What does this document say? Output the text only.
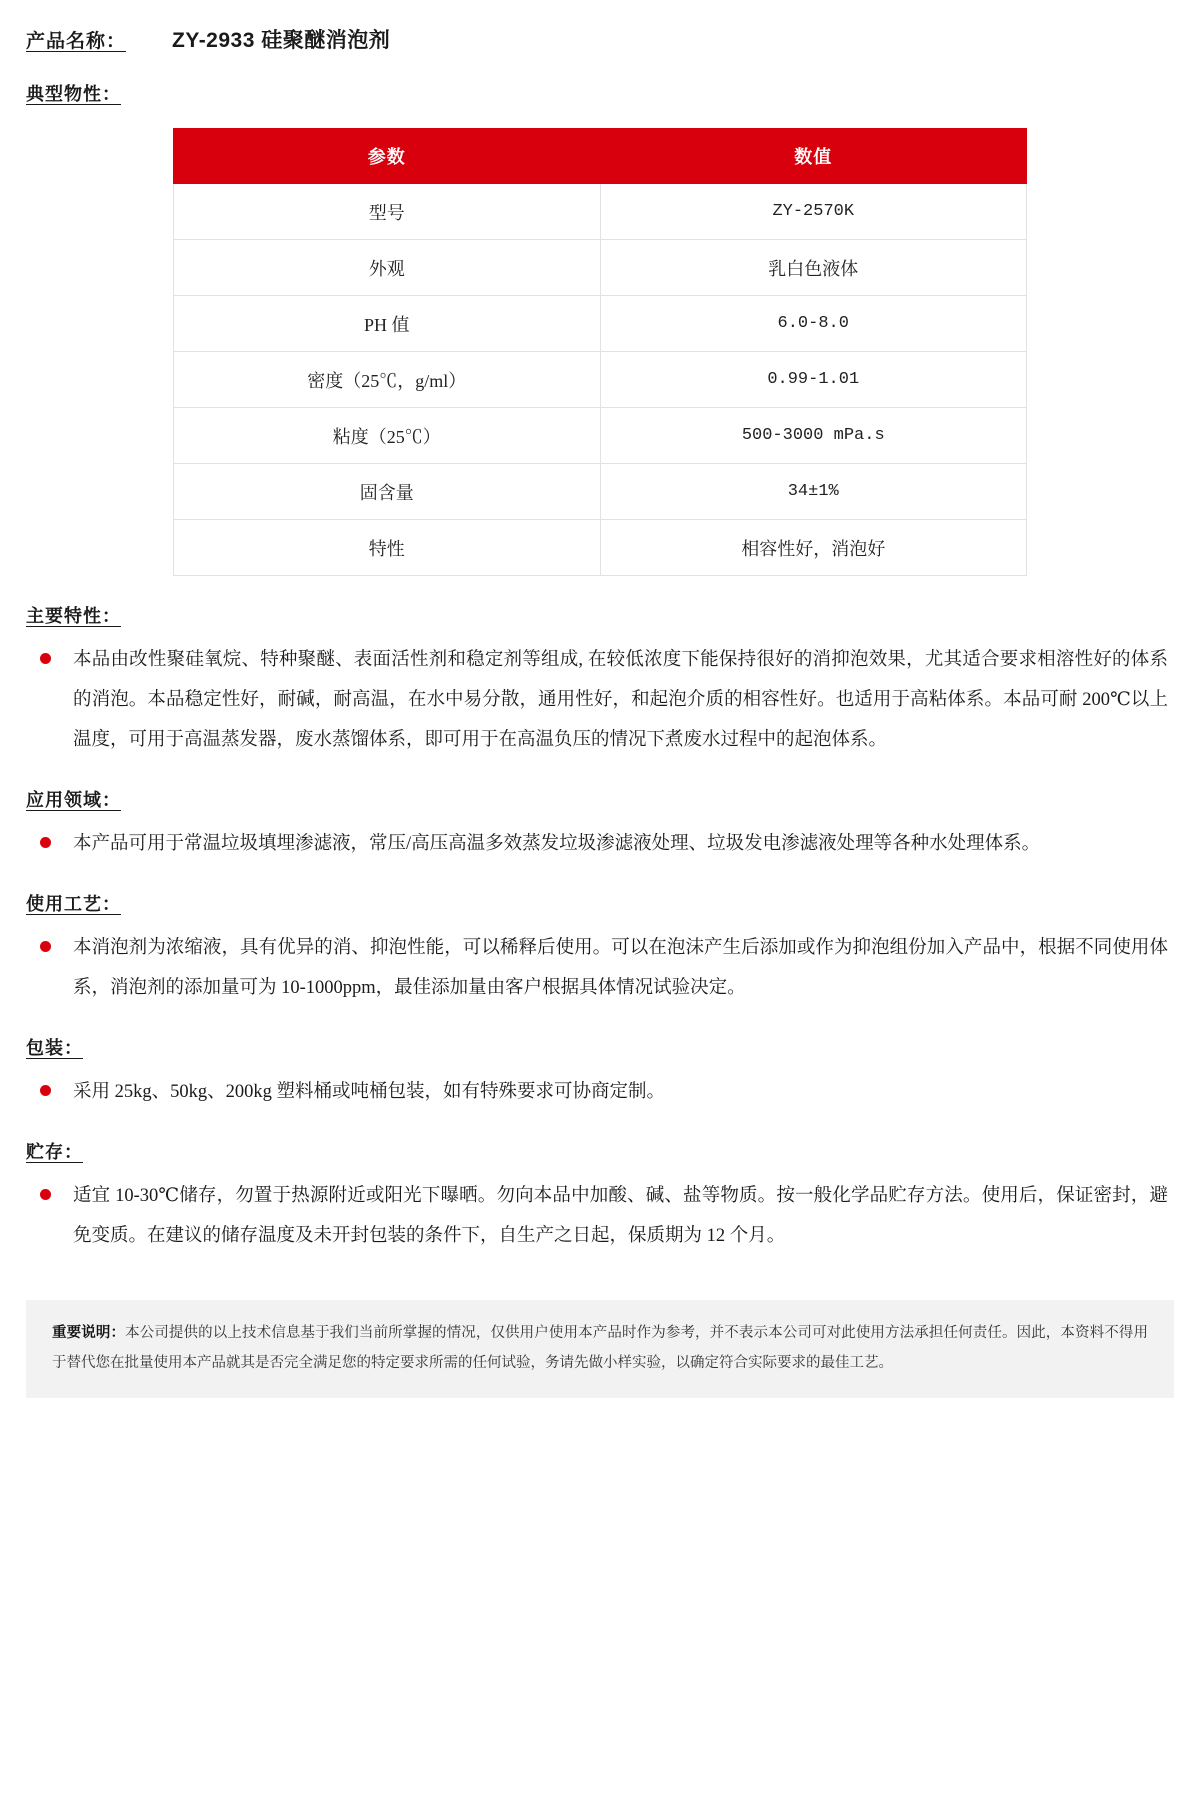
产品名称： ZY-2933 硅聚醚消泡剂
典型物性：
参数	数值
型号	ZY-2570K
外观	乳白色液体
PH 值	6.0-8.0
密度（25℃，g/ml）	0.99-1.01
粘度（25℃）	500-3000 mPa.s
固含量	34±1%
特性	相容性好，消泡好
主要特性：
本品由改性聚硅氧烷、特种聚醚、表面活性剂和稳定剂等组成, 在较低浓度下能保持很好的消抑泡效果，尤其适合要求相溶性好的体系的消泡。本品稳定性好，耐碱，耐高温，在水中易分散，通用性好，和起泡介质的相容性好。也适用于高粘体系。本品可耐 200℃以上温度，可用于高温蒸发器，废水蒸馏体系，即可用于在高温负压的情况下煮废水过程中的起泡体系。
应用领域：
本产品可用于常温垃圾填埋渗滤液，常压/高压高温多效蒸发垃圾渗滤液处理、垃圾发电渗滤液处理等各种水处理体系。
使用工艺：
本消泡剂为浓缩液，具有优异的消、抑泡性能，可以稀释后使用。可以在泡沫产生后添加或作为抑泡组份加入产品中，根据不同使用体系，消泡剂的添加量可为 10-1000ppm，最佳添加量由客户根据具体情况试验决定。
包装：
采用 25kg、50kg、200kg 塑料桶或吨桶包装，如有特殊要求可协商定制。
贮存：
适宜 10-30℃储存，勿置于热源附近或阳光下曝晒。勿向本品中加酸、碱、盐等物质。按一般化学品贮存方法。使用后，保证密封，避免变质。在建议的储存温度及未开封包装的条件下，自生产之日起，保质期为 12 个月。
重要说明：本公司提供的以上技术信息基于我们当前所掌握的情况，仅供用户使用本产品时作为参考，并不表示本公司可对此使用方法承担任何责任。因此，本资料不得用于替代您在批量使用本产品就其是否完全满足您的特定要求所需的任何试验，务请先做小样实验，以确定符合实际要求的最佳工艺。
